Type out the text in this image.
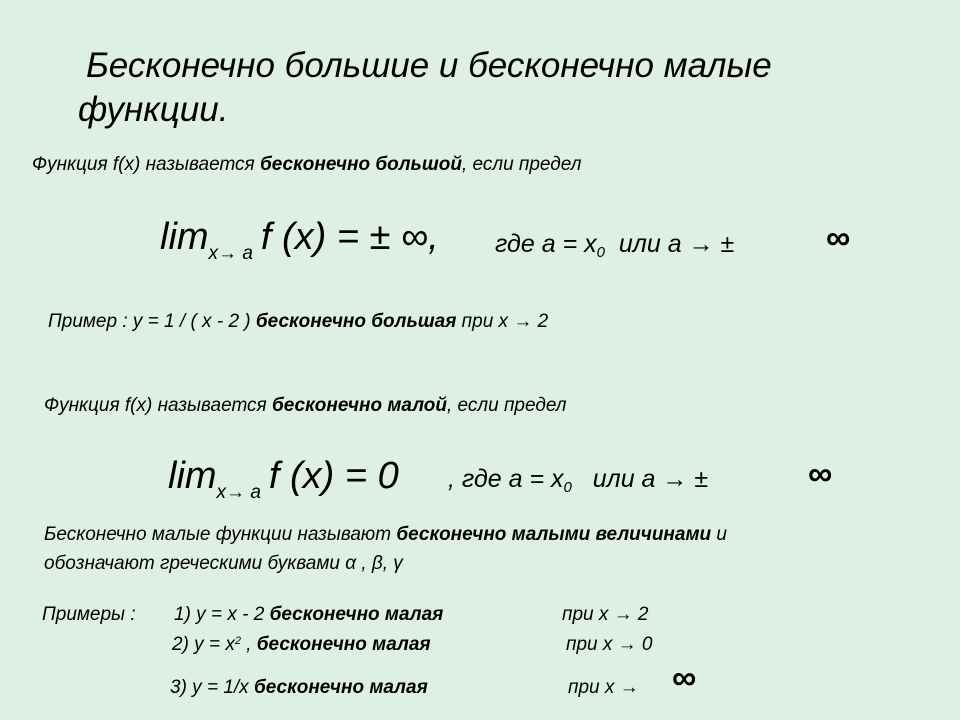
Бесконечно большие и бесконечно малые
функции.
Функция f(x) называется бесконечно большой, если предел
$\lim_{x\to a} f$ (x) = ± ∞, где $а = x_0$ или a → ±	∞
Пример : у = 1 / ( х - 2 ) бесконечно большая при x → 2
Функция f(x) называется бесконечно малой, если предел
$\lim_{x\to a} f$ (x) = 0 , где $а = x_0$ или a → ±	∞
Бесконечно малые функции называют бесконечно малыми величинами и
обозначают греческими буквами α , β, γ
Примеры : 1) у = х - 2 бесконечно малая	при x → 2
2) $у = х^2$ , бесконечно малая	при x → 0
3) у = 1/х бесконечно малая	при x → ∞
